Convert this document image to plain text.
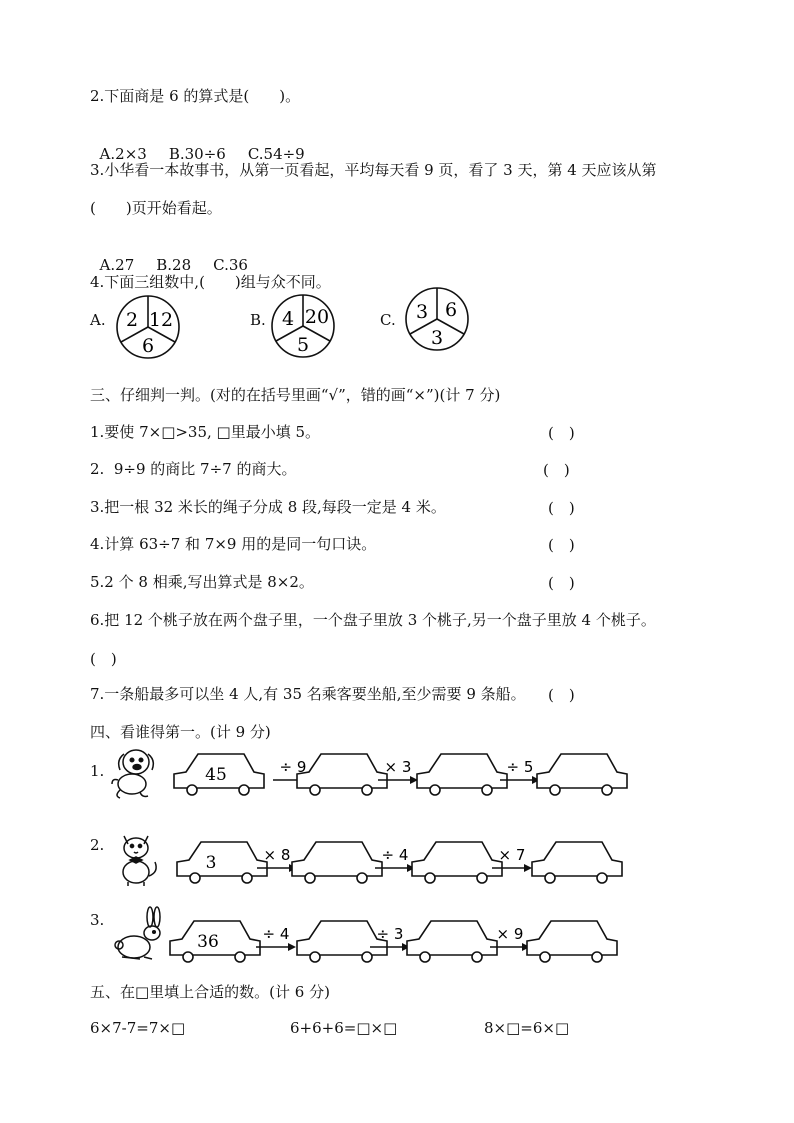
2.下面商是 6 的算式是(　　)。

A.2×3 B.30÷6 C.54÷9

3.小华看一本故事书，从第一页看起，平均每天看 9 页，看了 3 天，第 4 天应该从第
(　　)页开始看起。

A.27 B.28 C.36

4.下面三组数中,(　　)组与众不同。
A. 2 12
6
B. 4 20
5
C. 3 6
3
三、仔细判一判。(对的在括号里画“√”，错的画“×”)(计 7 分)
1.要使 7×□>35, □里最小填 5。	(　)
2.  9÷9 的商比 7÷7 的商大。	(　)
3.把一根 32 米长的绳子分成 8 段,每段一定是 4 米。	(　)
4.计算 63÷7 和 7×9 用的是同一句口诀。	(　)
5.2 个 8 相乘,写出算式是 8×2。	(　)
6.把 12 个桃子放在两个盘子里，一个盘子里放 3 个桃子,另一个盘子里放 4 个桃子。
(　)
7.一条船最多可以坐 4 人,有 35 名乘客要坐船,至少需要 9 条船。 (　)
四、看谁得第一。(计 9 分)
1.	45	÷ 9	× 3	÷ 5
2.
3	× 8	÷ 4	× 7
3.
36	÷ 4	÷ 3	× 9
五、在□里填上合适的数。(计 6 分)
6×7-7=7×□	6+6+6=□×□	8×□=6×□
